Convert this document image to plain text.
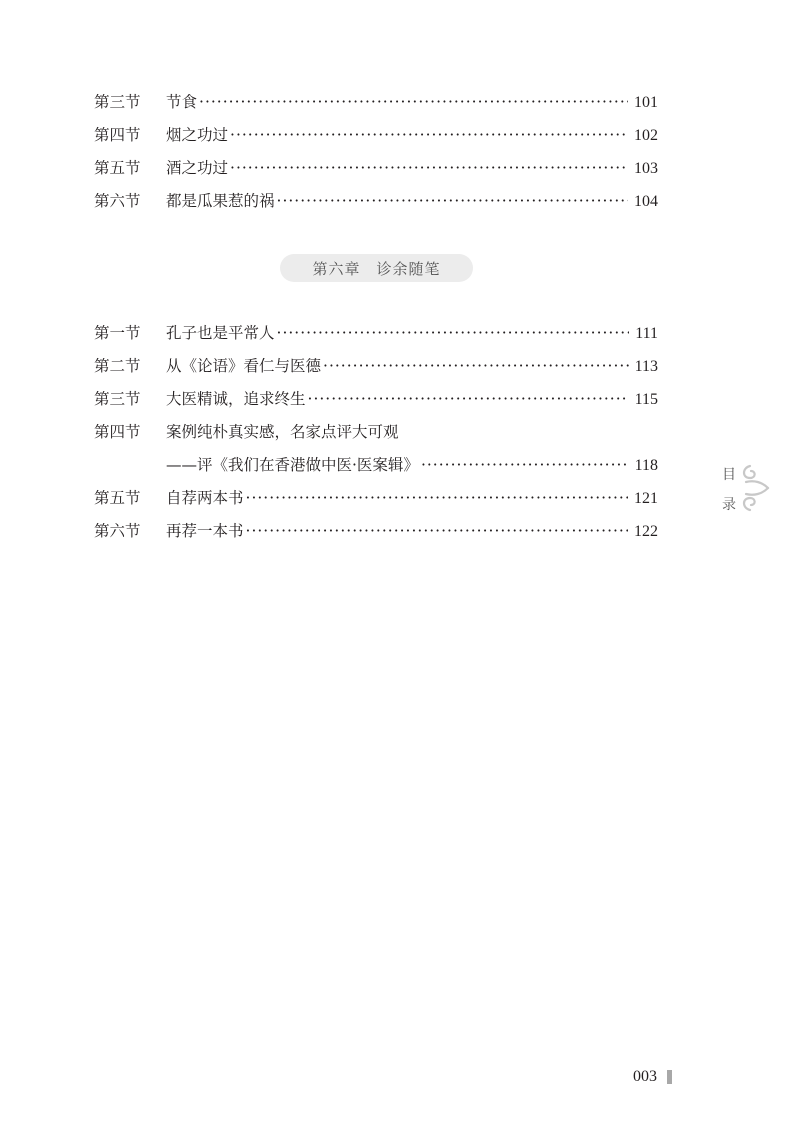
第三节	节食 ·····	101
第四节	烟之功过 ·····	102
第五节	酒之功过 ·····	103
第六节	都是瓜果惹的祸 ·····	104
第六章 诊余随笔
第一节	孔子也是平常人 ·····	111
第二节	从《论语》看仁与医德 ·····	113
第三节	大医精诚，追求终生 ·····	115
第四节	案例纯朴真实感，名家点评大可观
——评《我们在香港做中医·医案辑》 ·····	118
第五节	自荐两本书 ·····	121
第六节	再荐一本书 ·····	122
目
录
003
